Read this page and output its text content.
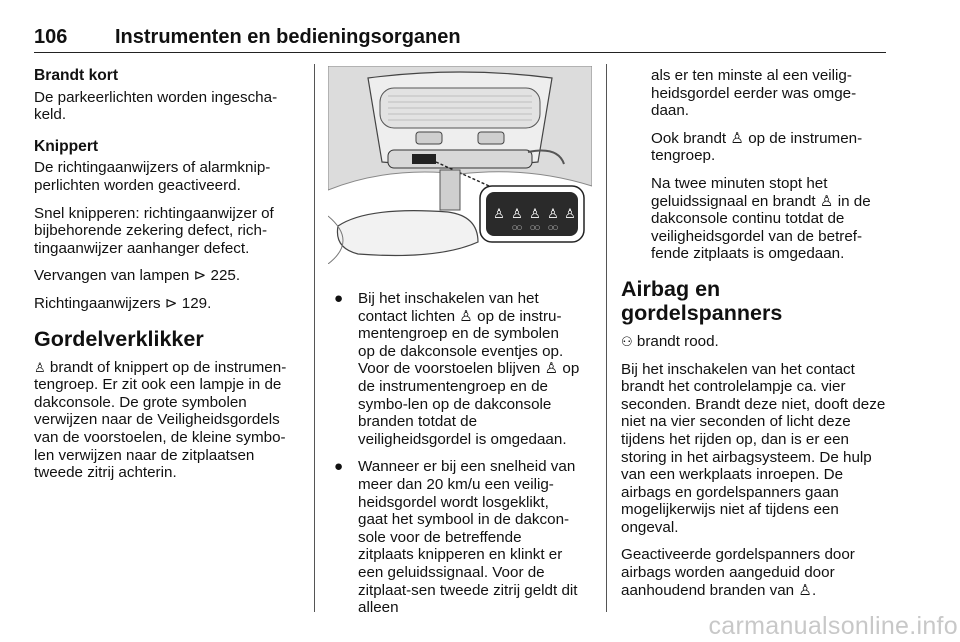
106 Instrumenten en bedieningsorganen
Brandt kort

De parkeerlichten worden ingescha-keld.

Knippert

De richtingaanwijzers of alarmknip-perlichten worden geactiveerd.

Snel knipperen: richtingaanwijzer of bijbehorende zekering defect, rich-tingaanwijzer aanhanger defect.

Vervangen van lampen ⊳ 225.

Richtingaanwijzers ⊳ 129.

Gordelverklikker

♙ brandt of knippert op de instrumen-tengroep. Er zit ook een lampje in de dakconsole. De grote symbolen verwijzen naar de Veiligheidsgordels van de voorstoelen, de kleine symbo-len verwijzen naar de zitplaatsen tweede zitrij achterin.

♙ ♙ ♙ ♙ ♙
▢▢ ▢▢ ▢▢
● Bij het inschakelen van het contact lichten ♙ op de instru-mentengroep en de symbolen op de dakconsole eventjes op. Voor de voorstoelen blijven ♙ op de instrumentengroep en de symbo-len op de dakconsole branden totdat de veiligheidsgordel is omgedaan.
● Wanneer er bij een snelheid van meer dan 20 km/u een veilig-heidsgordel wordt losgeklikt, gaat het symbool in de dakcon-sole voor de betreffende zitplaats knipperen en klinkt er een geluidssignaal. Voor de zitplaat-sen tweede zitrij geldt dit alleen

als er ten minste al een veilig-heidsgordel eerder was omge-daan.

Ook brandt ♙ op de instrumen-tengroep.

Na twee minuten stopt het geluidssignaal en brandt ♙ in de dakconsole continu totdat de veiligheidsgordel van de betref-fende zitplaats is omgedaan.

Airbag en gordelspanners

⚇ brandt rood.

Bij het inschakelen van het contact brandt het controlelampje ca. vier seconden. Brandt deze niet, dooft deze niet na vier seconden of licht deze tijdens het rijden op, dan is er een storing in het airbagsysteem. De hulp van een werkplaats inroepen. De airbags en gordelspanners gaan mogelijkerwijs niet af tijdens een ongeval.

Geactiveerde gordelspanners door airbags worden aangeduid door aanhoudend branden van ♙.

carmanualsonline.info
